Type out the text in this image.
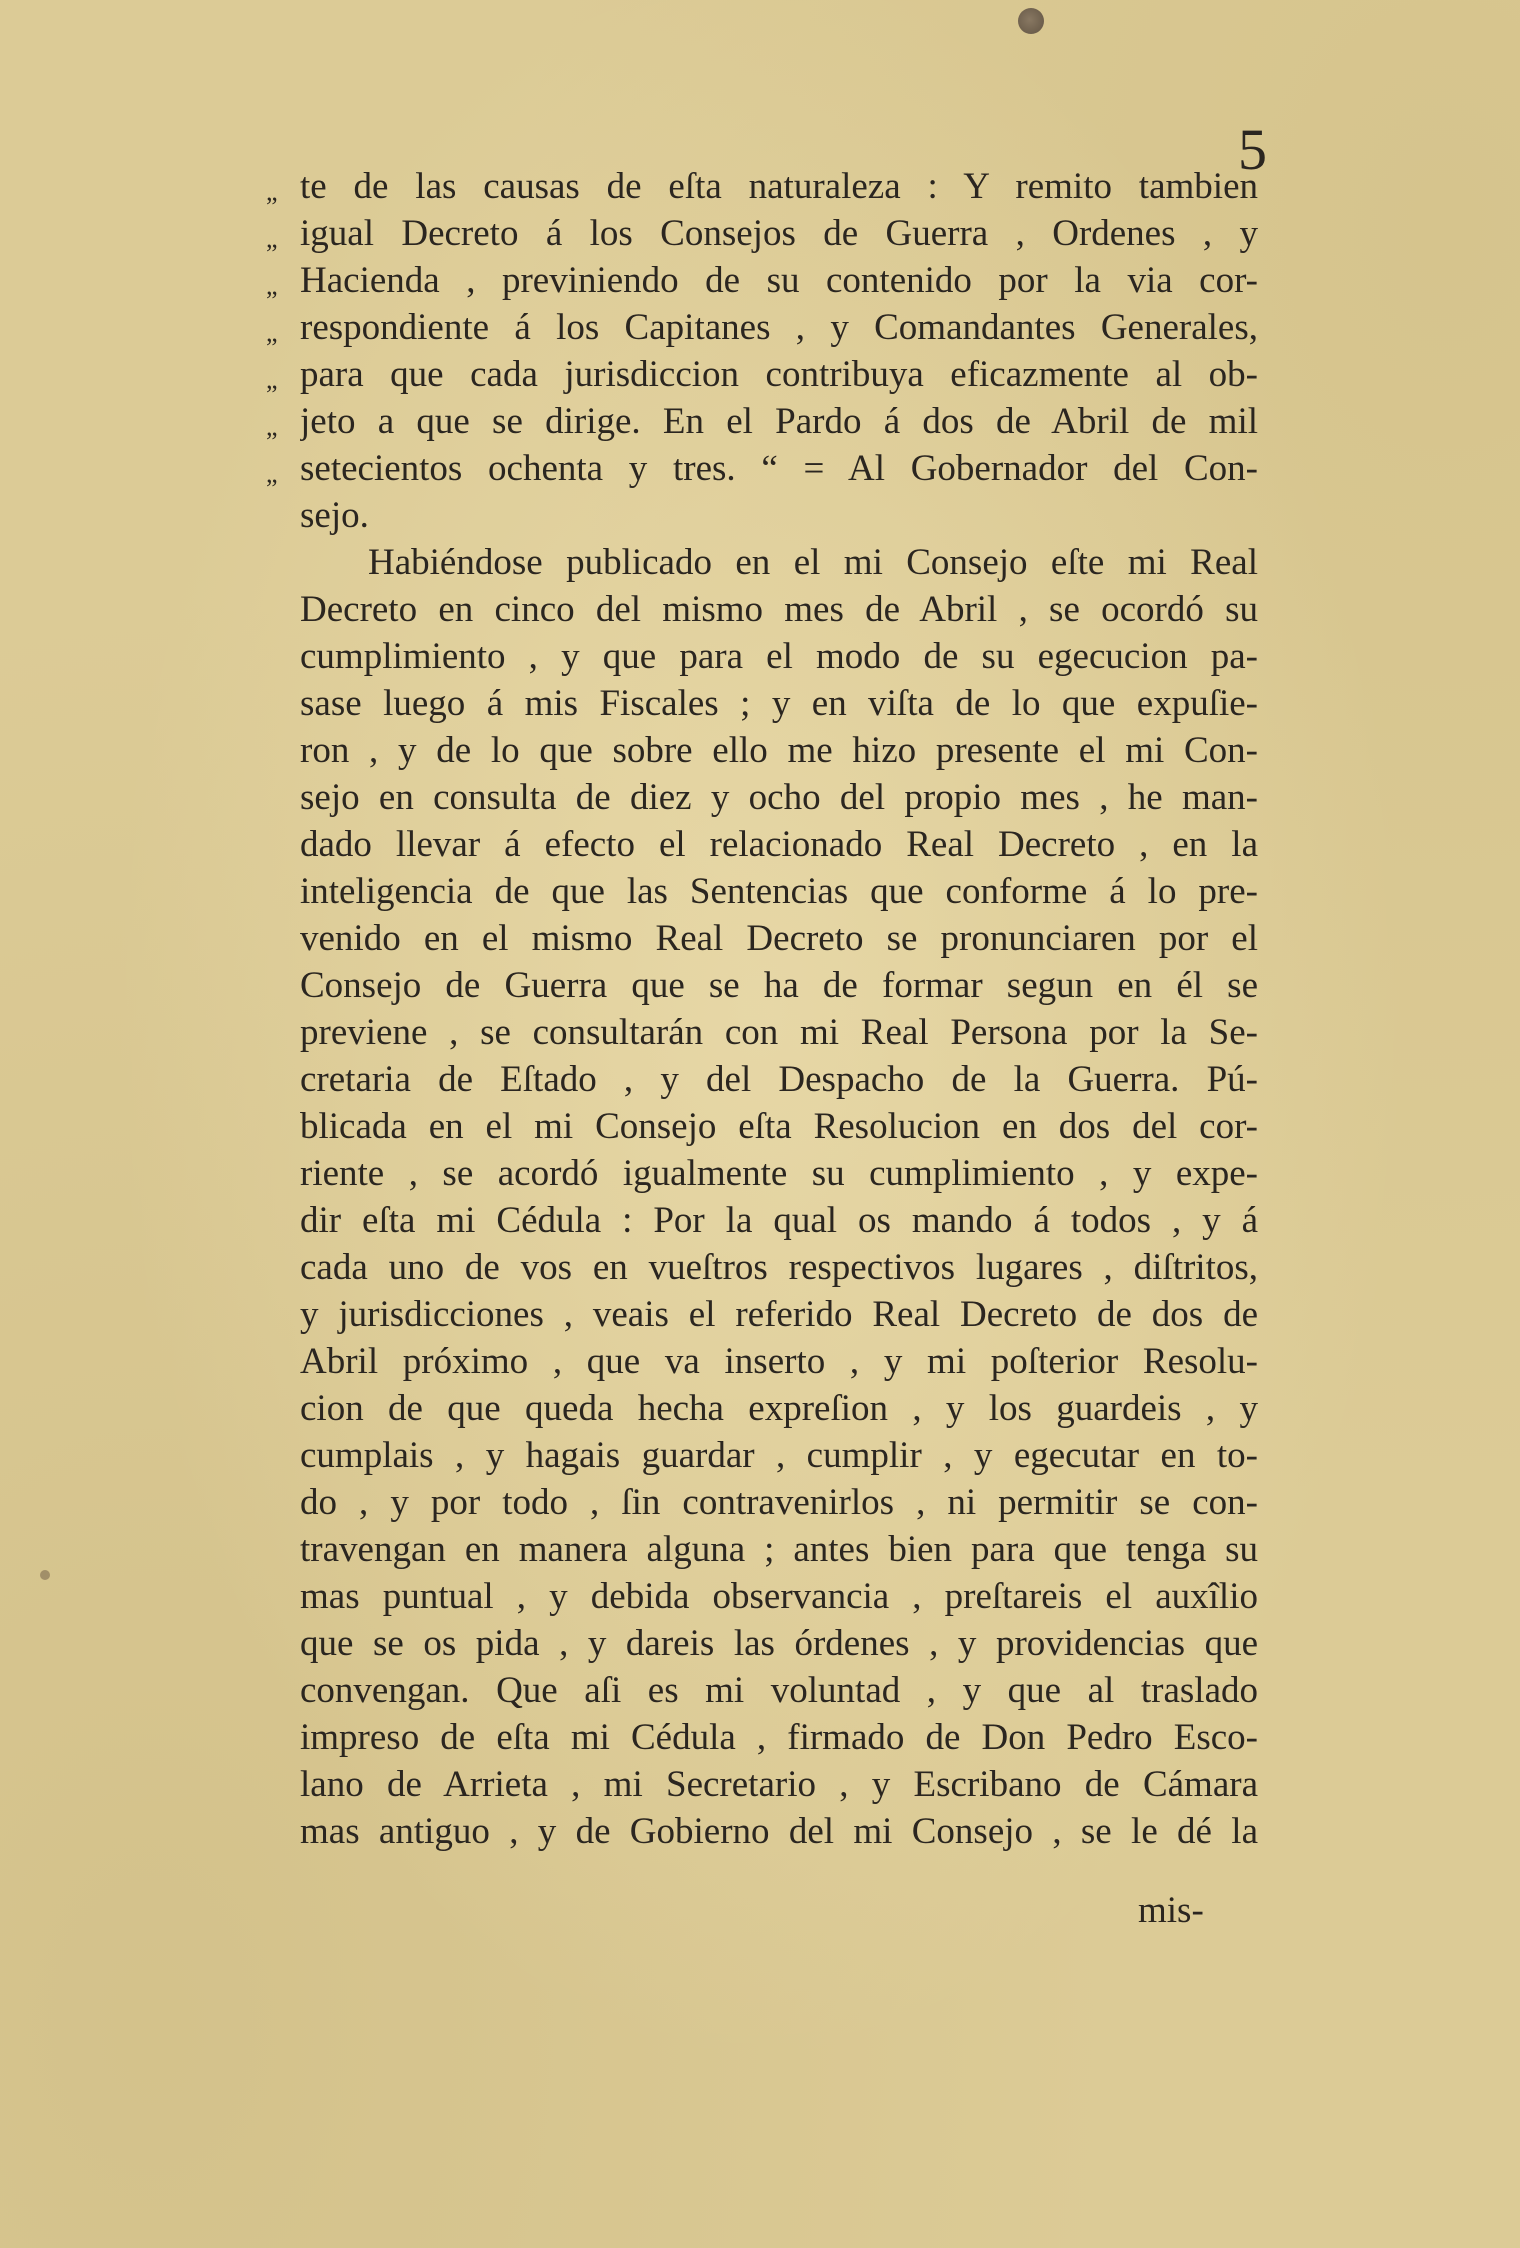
5
„ te de las causas de eſta naturaleza : Y remito tambien
„ igual Decreto á los Consejos de Guerra , Ordenes , y
„ Hacienda , previniendo de su contenido por la via cor-
„ respondiente á los Capitanes , y Comandantes Generales,
„ para que cada jurisdiccion contribuya eficazmente al ob-
„ jeto a que se dirige. En el Pardo á dos de Abril de mil
„ setecientos ochenta y tres. “ = Al Gobernador del Con-
sejo.
Habiéndose publicado en el mi Consejo eſte mi Real
Decreto en cinco del mismo mes de Abril , se ocordó su
cumplimiento , y que para el modo de su egecucion pa-
sase luego á mis Fiscales ; y en viſta de lo que expuſie-
ron , y de lo que sobre ello me hizo presente el mi Con-
sejo en consulta de diez y ocho del propio mes , he man-
dado llevar á efecto el relacionado Real Decreto , en la
inteligencia de que las Sentencias que conforme á lo pre-
venido en el mismo Real Decreto se pronunciaren por el
Consejo de Guerra que se ha de formar segun en él se
previene , se consultarán con mi Real Persona por la Se-
cretaria de Eſtado , y del Despacho de la Guerra. Pú-
blicada en el mi Consejo eſta Resolucion en dos del cor-
riente , se acordó igualmente su cumplimiento , y expe-
dir eſta mi Cédula : Por la qual os mando á todos , y á
cada uno de vos en vueſtros respectivos lugares , diſtritos,
y jurisdicciones , veais el referido Real Decreto de dos de
Abril próximo , que va inserto , y mi poſterior Resolu-
cion de que queda hecha expreſion , y los guardeis , y
cumplais , y hagais guardar , cumplir , y egecutar en to-
do , y por todo , ſin contravenirlos , ni permitir se con-
travengan en manera alguna ; antes bien para que tenga su
mas puntual , y debida observancia , preſtareis el auxîlio
que se os pida , y dareis las órdenes , y providencias que
convengan. Que aſi es mi voluntad , y que al traslado
impreso de eſta mi Cédula , firmado de Don Pedro Esco-
lano de Arrieta , mi Secretario , y Escribano de Cámara
mas antiguo , y de Gobierno del mi Consejo , se le dé la
mis-
